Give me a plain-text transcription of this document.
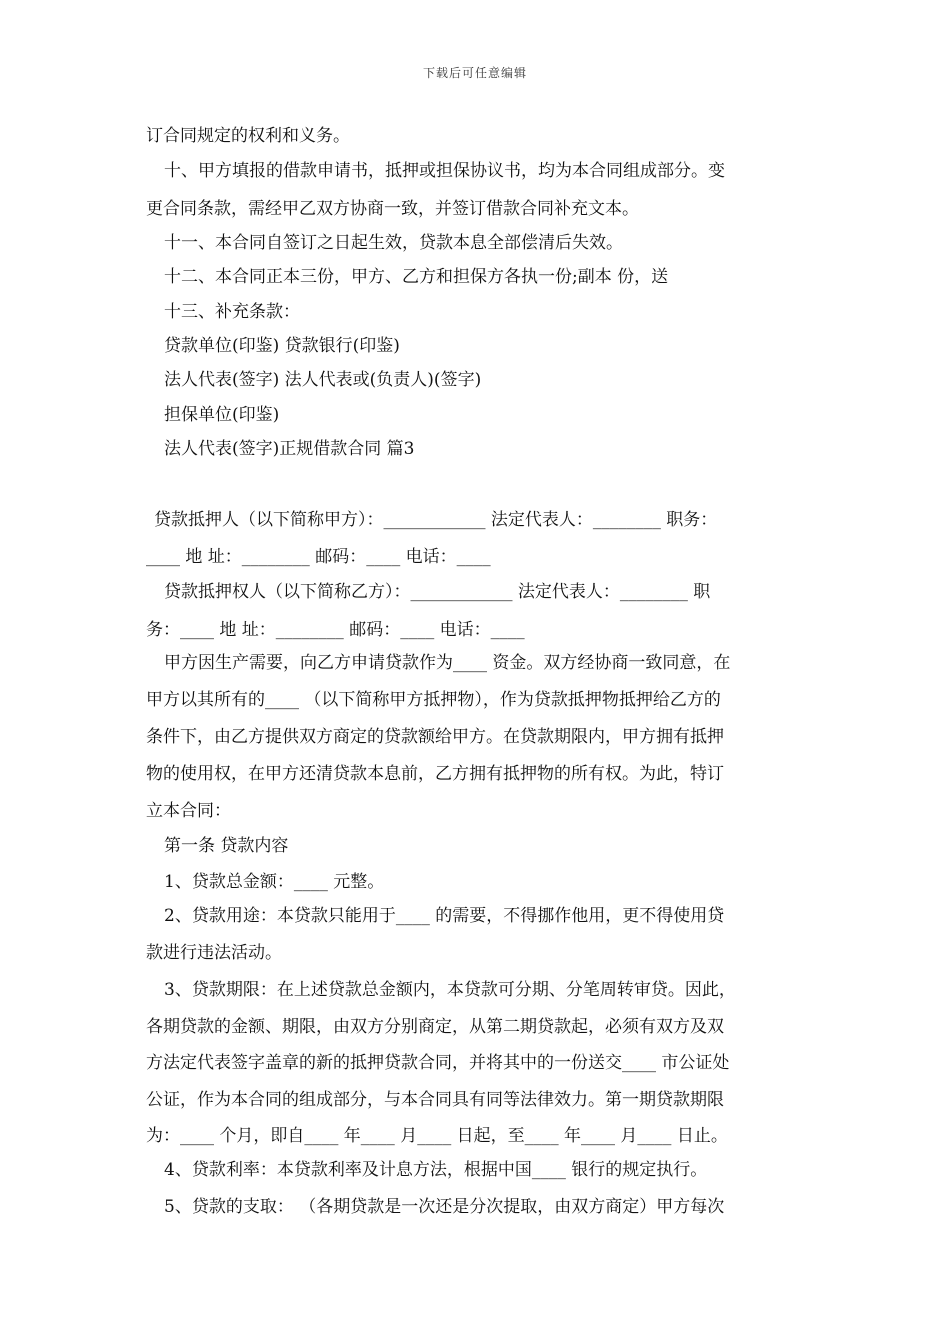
下载后可任意编辑
订合同规定的权利和义务。
十、甲方填报的借款申请书，抵押或担保协议书，均为本合同组成部分。变
更合同条款，需经甲乙双方协商一致，并签订借款合同补充文本。
十一、本合同自签订之日起生效，贷款本息全部偿清后失效。
十二、本合同正本三份，甲方、乙方和担保方各执一份;副本 份，送
十三、补充条款：
贷款单位(印鉴) 贷款银行(印鉴)
法人代表(签字) 法人代表或(负责人)(签字)
担保单位(印鉴)
法人代表(签字)正规借款合同 篇3
贷款抵押人（以下简称甲方）：____________ 法定代表人：________ 职务：
____ 地 址：________ 邮码：____ 电话：____
贷款抵押权人（以下简称乙方）：____________ 法定代表人：________ 职
务：____ 地 址：________ 邮码：____ 电话：____
甲方因生产需要，向乙方申请贷款作为____ 资金。双方经协商一致同意，在
甲方以其所有的____ （以下简称甲方抵押物），作为贷款抵押物抵押给乙方的
条件下，由乙方提供双方商定的贷款额给甲方。在贷款期限内，甲方拥有抵押
物的使用权，在甲方还清贷款本息前，乙方拥有抵押物的所有权。为此，特订
立本合同：
第一条 贷款内容
1、贷款总金额：____ 元整。
2、贷款用途：本贷款只能用于____ 的需要，不得挪作他用，更不得使用贷
款进行违法活动。
3、贷款期限：在上述贷款总金额内，本贷款可分期、分笔周转审贷。因此，
各期贷款的金额、期限，由双方分别商定，从第二期贷款起，必须有双方及双
方法定代表签字盖章的新的抵押贷款合同，并将其中的一份送交____ 市公证处
公证，作为本合同的组成部分，与本合同具有同等法律效力。第一期贷款期限
为：____ 个月，即自____ 年____ 月____ 日起，至____ 年____ 月____ 日止。
4、贷款利率：本贷款利率及计息方法，根据中国____ 银行的规定执行。
5、贷款的支取： （各期贷款是一次还是分次提取，由双方商定）甲方每次
